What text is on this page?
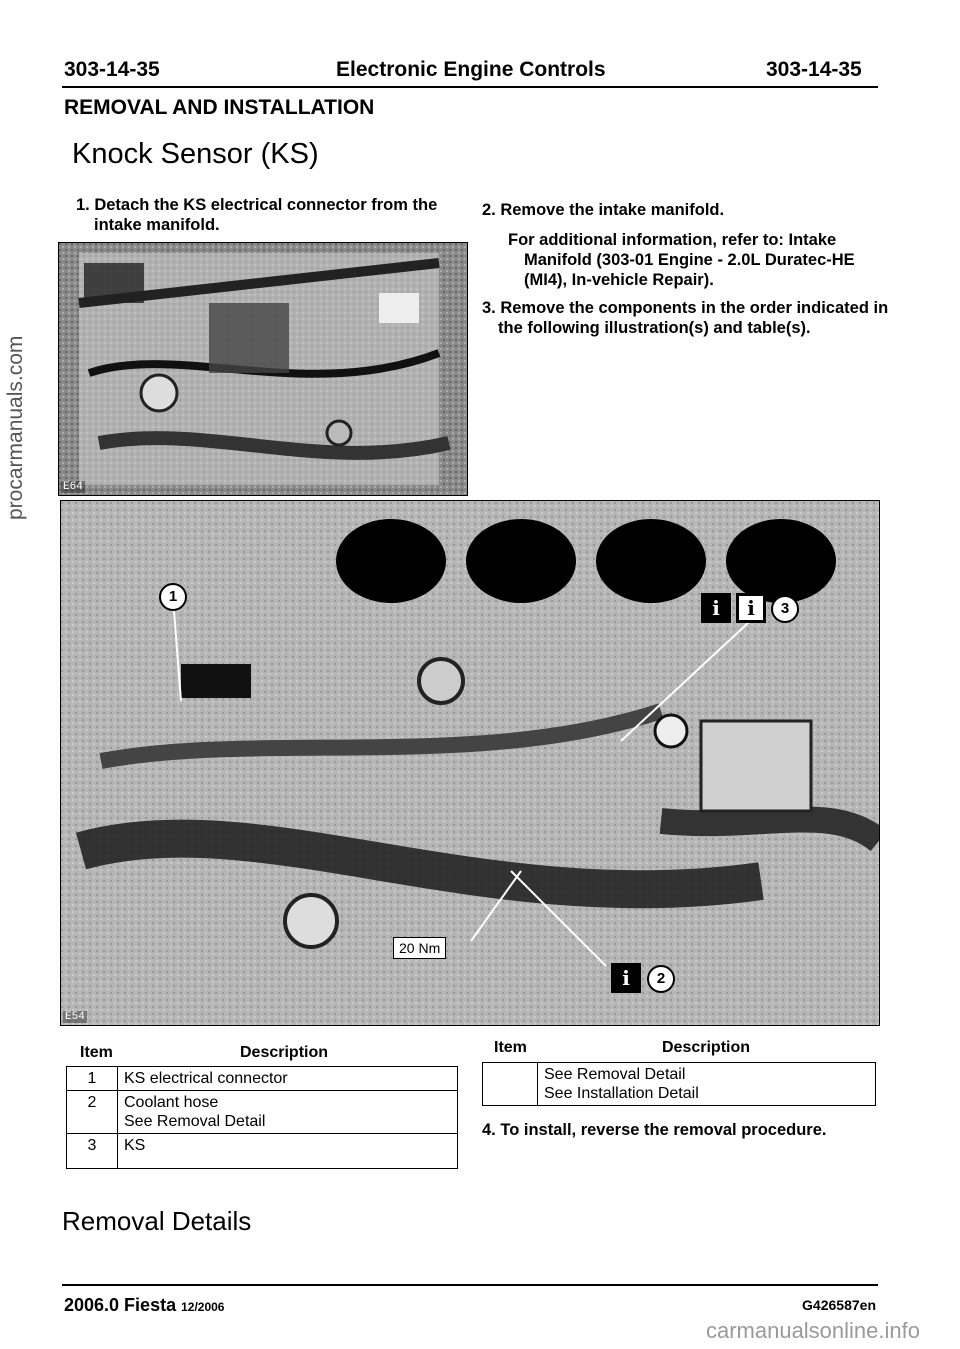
303-14-35	Electronic Engine Controls	303-14-35
REMOVAL AND INSTALLATION
Knock Sensor (KS)
1. Detach the KS electrical connector from the intake manifold.
E64
2. Remove the intake manifold.
For additional information, refer to: Intake Manifold (303-01 Engine - 2.0L Duratec-HE (MI4), In-vehicle Repair).
3. Remove the components in the order indicated in the following illustration(s) and table(s).
1	i	i	3
i	2
20 Nm
E54
Item	Description
1	KS electrical connector
2	Coolant hose
See Removal Detail

3	KS
Item	Description

See Removal Detail
See Installation Detail
4. To install, reverse the removal procedure.
Removal Details
2006.0 Fiesta 12/2006	G426587en
procarmanuals.com
carmanualsonline.info
